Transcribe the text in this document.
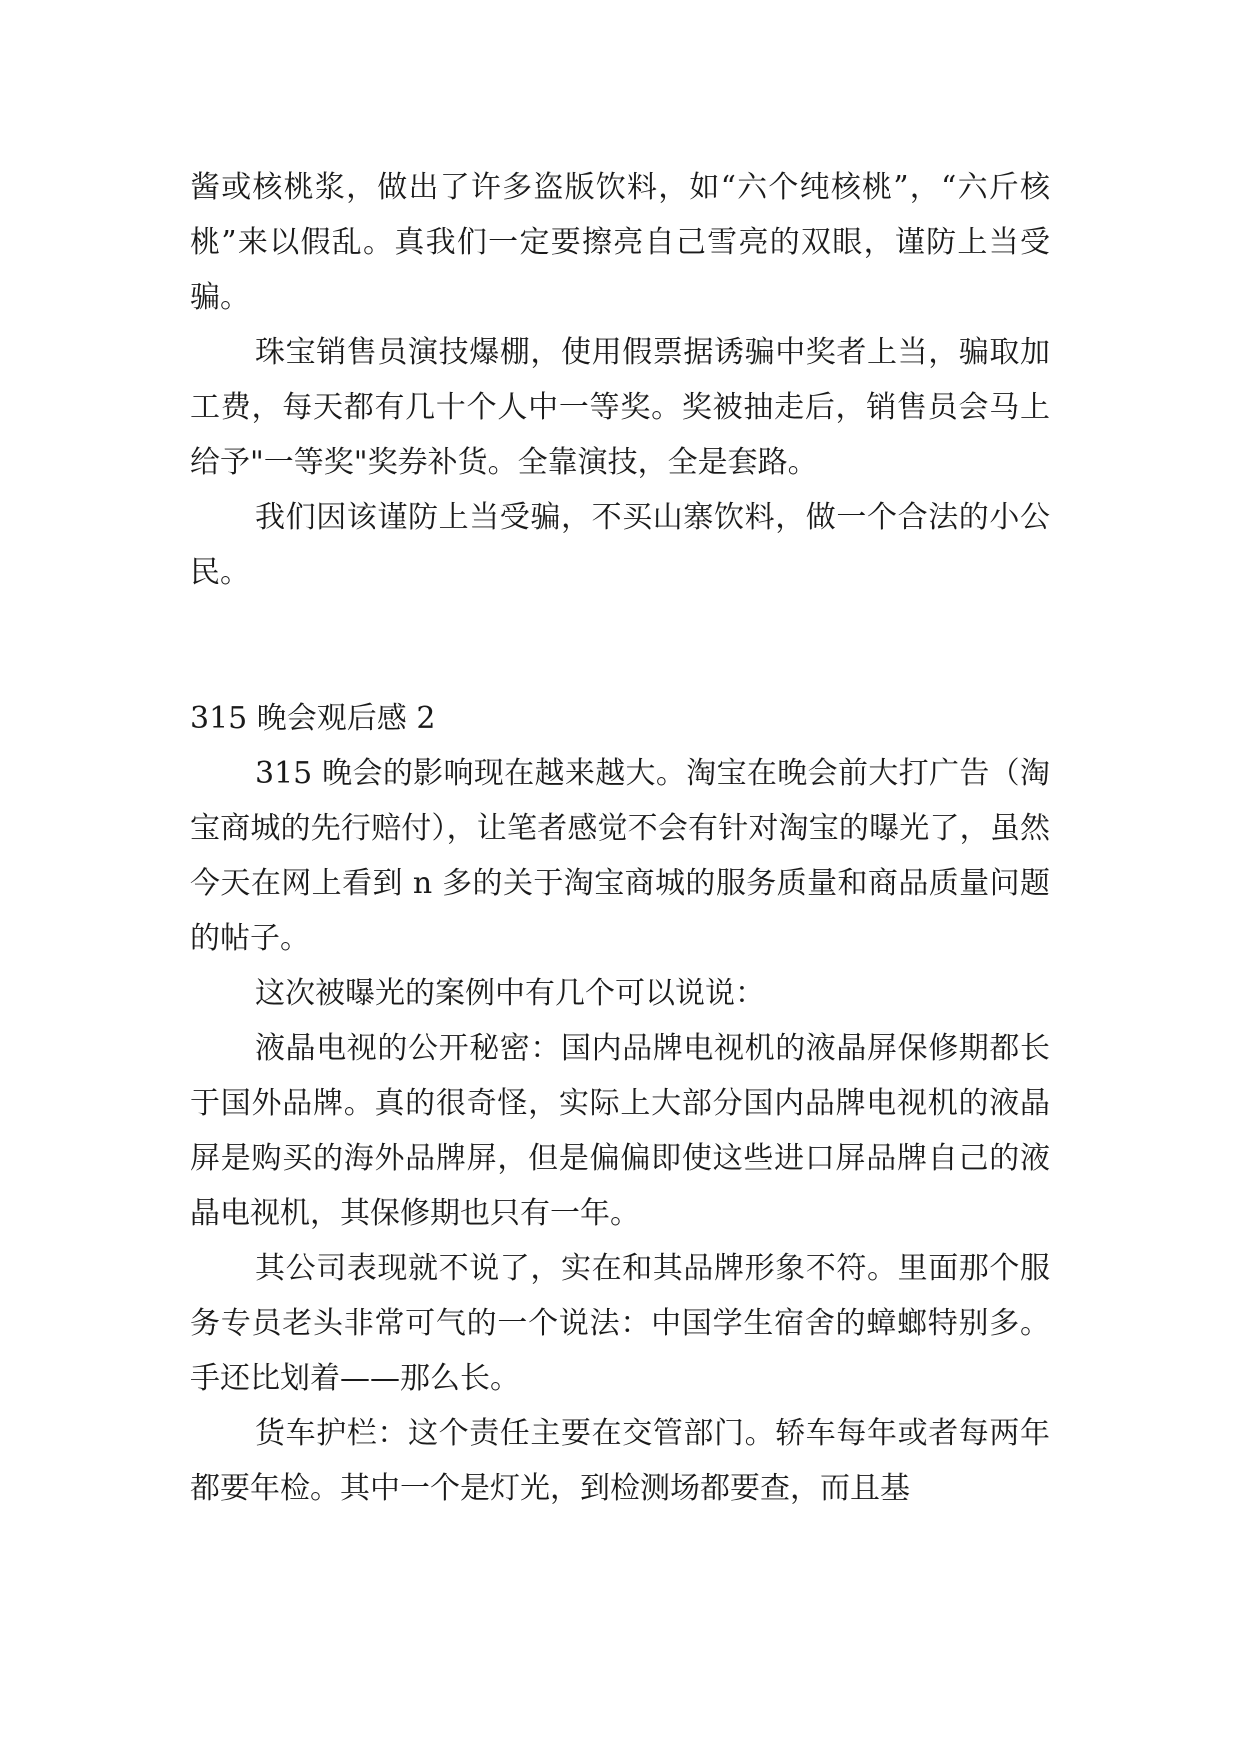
酱或核桃浆，做出了许多盗版饮料，如“六个纯核桃”，“六斤核桃”来以假乱。真我们一定要擦亮自己雪亮的双眼，谨防上当受骗。

珠宝销售员演技爆棚，使用假票据诱骗中奖者上当，骗取加工费，每天都有几十个人中一等奖。奖被抽走后，销售员会马上给予"一等奖"奖券补货。全靠演技，全是套路。

我们因该谨防上当受骗，不买山寨饮料，做一个合法的小公民。

315 晚会观后感 2

315 晚会的影响现在越来越大。淘宝在晚会前大打广告（淘宝商城的先行赔付），让笔者感觉不会有针对淘宝的曝光了，虽然今天在网上看到 n 多的关于淘宝商城的服务质量和商品质量问题的帖子。

这次被曝光的案例中有几个可以说说：

液晶电视的公开秘密：国内品牌电视机的液晶屏保修期都长于国外品牌。真的很奇怪，实际上大部分国内品牌电视机的液晶屏是购买的海外品牌屏，但是偏偏即使这些进口屏品牌自己的液晶电视机，其保修期也只有一年。

其公司表现就不说了，实在和其品牌形象不符。里面那个服务专员老头非常可气的一个说法：中国学生宿舍的蟑螂特别多。手还比划着——那么长。

货车护栏：这个责任主要在交管部门。轿车每年或者每两年都要年检。其中一个是灯光，到检测场都要查，而且基
